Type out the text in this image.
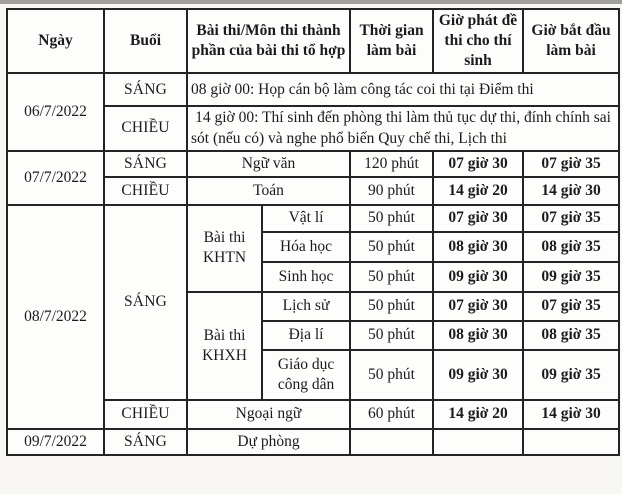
Ngày	Buổi	Bài thi/Môn thi thành phần của bài thi tổ hợp		Thời gian làm bài	Giờ phát đề thi cho thí sinh	Giờ bắt đầu làm bài
06/7/2022	SÁNG	08 giờ 00: Họp cán bộ làm công tác coi thi tại Điểm thi				
	CHIỀU	14 giờ 00: Thí sinh đến phòng thi làm thủ tục dự thi, đính chính sai sót (nếu có) và nghe phổ biến Quy chế thi, Lịch thi				
07/7/2022	SÁNG	Ngữ văn		120 phút	07 giờ 30	07 giờ 35
	CHIỀU	Toán		90 phút	14 giờ 20	14 giờ 30
08/7/2022	SÁNG	Bài thi KHTN	Vật lí	50 phút	07 giờ 30	07 giờ 35
			Hóa học	50 phút	08 giờ 30	08 giờ 35
			Sinh học	50 phút	09 giờ 30	09 giờ 35
		Bài thi KHXH	Lịch sử	50 phút	07 giờ 30	07 giờ 35
			Địa lí	50 phút	08 giờ 30	08 giờ 35
			Giáo dục công dân	50 phút	09 giờ 30	09 giờ 35
	CHIỀU	Ngoại ngữ		60 phút	14 giờ 20	14 giờ 30
09/7/2022	SÁNG	Dự phòng				
